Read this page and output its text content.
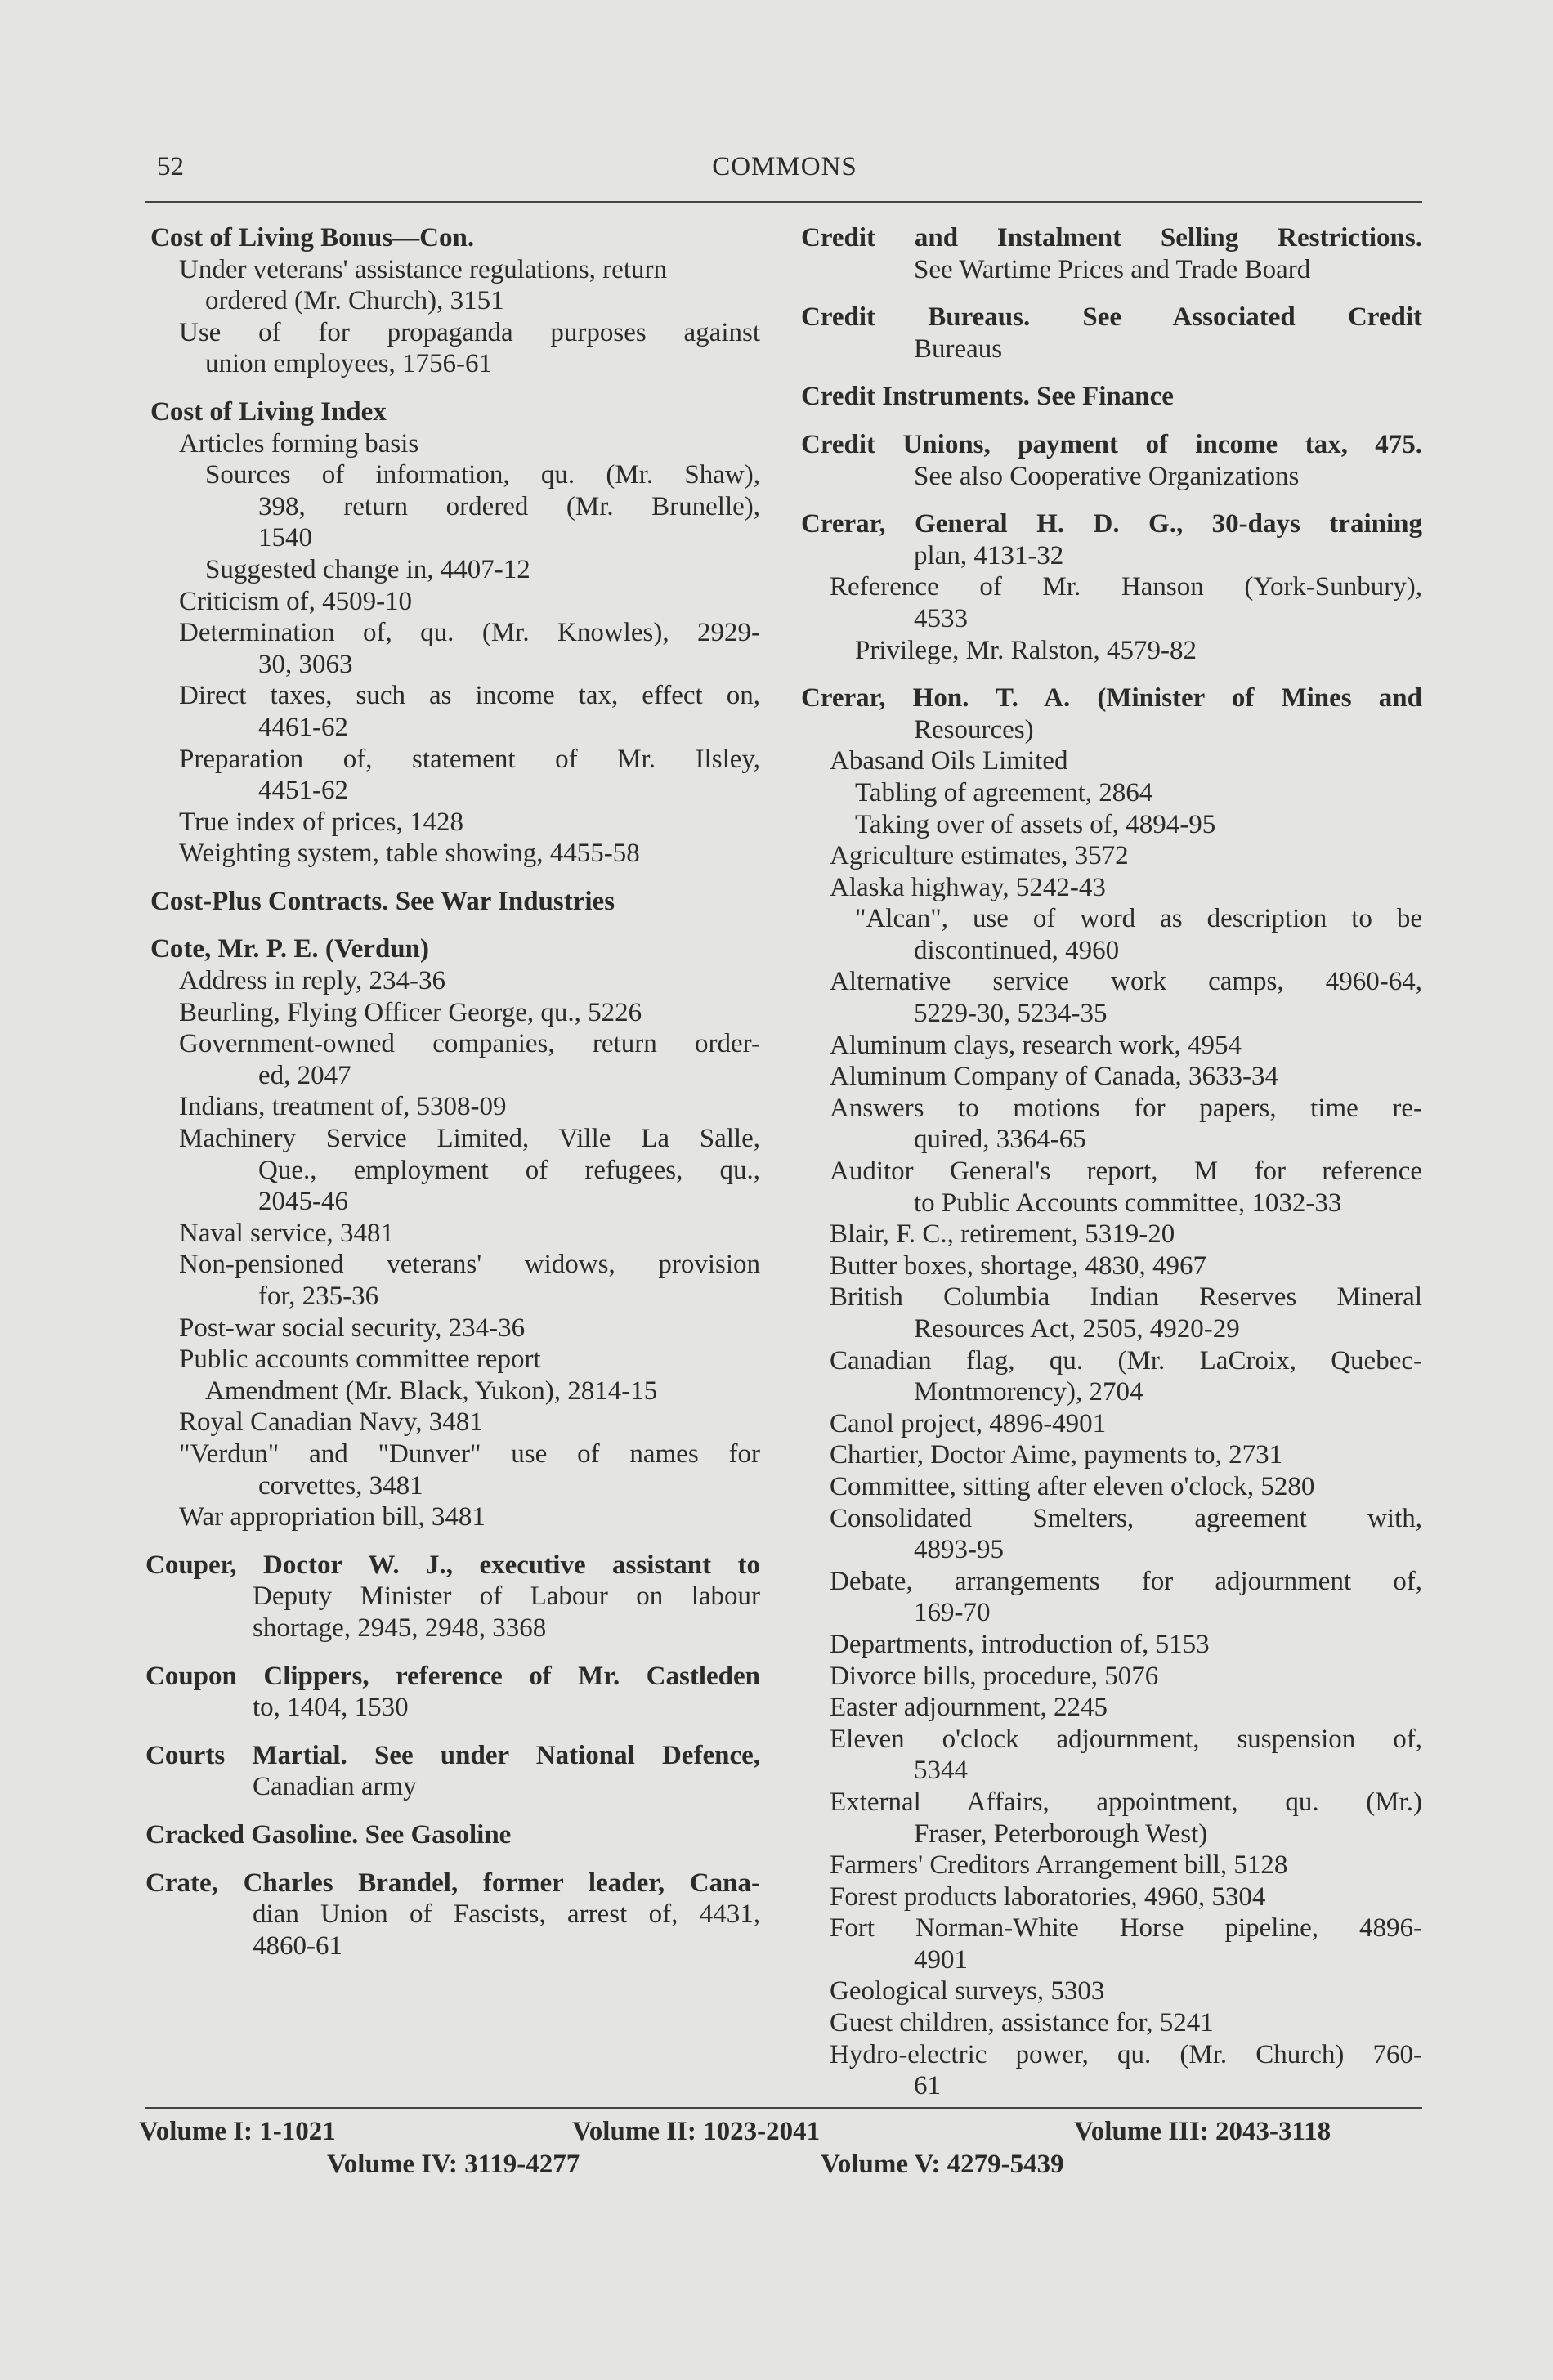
52	COMMONS
Cost of Living Bonus—Con.
Under veterans' assistance regulations, return
ordered (Mr. Church), 3151
Use of for propaganda purposes against
union employees, 1756-61
Cost of Living Index
Articles forming basis
Sources of information, qu. (Mr. Shaw),
398, return ordered (Mr. Brunelle),
1540
Suggested change in, 4407-12
Criticism of, 4509-10
Determination of, qu. (Mr. Knowles), 2929-
30, 3063
Direct taxes, such as income tax, effect on,
4461-62
Preparation of, statement of Mr. Ilsley,
4451-62
True index of prices, 1428
Weighting system, table showing, 4455-58
Cost-Plus Contracts. See War Industries
Cote, Mr. P. E. (Verdun)
Address in reply, 234-36
Beurling, Flying Officer George, qu., 5226
Government-owned companies, return order-
ed, 2047
Indians, treatment of, 5308-09
Machinery Service Limited, Ville La Salle,
Que., employment of refugees, qu.,
2045-46
Naval service, 3481
Non-pensioned veterans' widows, provision
for, 235-36
Post-war social security, 234-36
Public accounts committee report
Amendment (Mr. Black, Yukon), 2814-15
Royal Canadian Navy, 3481
"Verdun" and "Dunver" use of names for
corvettes, 3481
War appropriation bill, 3481
Couper, Doctor W. J., executive assistant to
Deputy Minister of Labour on labour
shortage, 2945, 2948, 3368
Coupon Clippers, reference of Mr. Castleden
to, 1404, 1530
Courts Martial. See under National Defence,
Canadian army
Cracked Gasoline. See Gasoline
Crate, Charles Brandel, former leader, Cana-
dian Union of Fascists, arrest of, 4431,
4860-61
Credit and Instalment Selling Restrictions.
See Wartime Prices and Trade Board
Credit Bureaus. See Associated Credit
Bureaus
Credit Instruments. See Finance
Credit Unions, payment of income tax, 475.
See also Cooperative Organizations
Crerar, General H. D. G., 30-days training
plan, 4131-32
Reference of Mr. Hanson (York-Sunbury),
4533
Privilege, Mr. Ralston, 4579-82
Crerar, Hon. T. A. (Minister of Mines and
Resources)
Abasand Oils Limited
Tabling of agreement, 2864
Taking over of assets of, 4894-95
Agriculture estimates, 3572
Alaska highway, 5242-43
"Alcan", use of word as description to be
discontinued, 4960
Alternative service work camps, 4960-64,
5229-30, 5234-35
Aluminum clays, research work, 4954
Aluminum Company of Canada, 3633-34
Answers to motions for papers, time re-
quired, 3364-65
Auditor General's report, M for reference
to Public Accounts committee, 1032-33
Blair, F. C., retirement, 5319-20
Butter boxes, shortage, 4830, 4967
British Columbia Indian Reserves Mineral
Resources Act, 2505, 4920-29
Canadian flag, qu. (Mr. LaCroix, Quebec-
Montmorency), 2704
Canol project, 4896-4901
Chartier, Doctor Aime, payments to, 2731
Committee, sitting after eleven o'clock, 5280
Consolidated Smelters, agreement with,
4893-95
Debate, arrangements for adjournment of,
169-70
Departments, introduction of, 5153
Divorce bills, procedure, 5076
Easter adjournment, 2245
Eleven o'clock adjournment, suspension of,
5344
External Affairs, appointment, qu. (Mr.)
Fraser, Peterborough West)
Farmers' Creditors Arrangement bill, 5128
Forest products laboratories, 4960, 5304
Fort Norman-White Horse pipeline, 4896-
4901
Geological surveys, 5303
Guest children, assistance for, 5241
Hydro-electric power, qu. (Mr. Church) 760-
61
Volume I: 1-1021	Volume II: 1023-2041	Volume III: 2043-3118
Volume IV: 3119-4277	Volume V: 4279-5439
